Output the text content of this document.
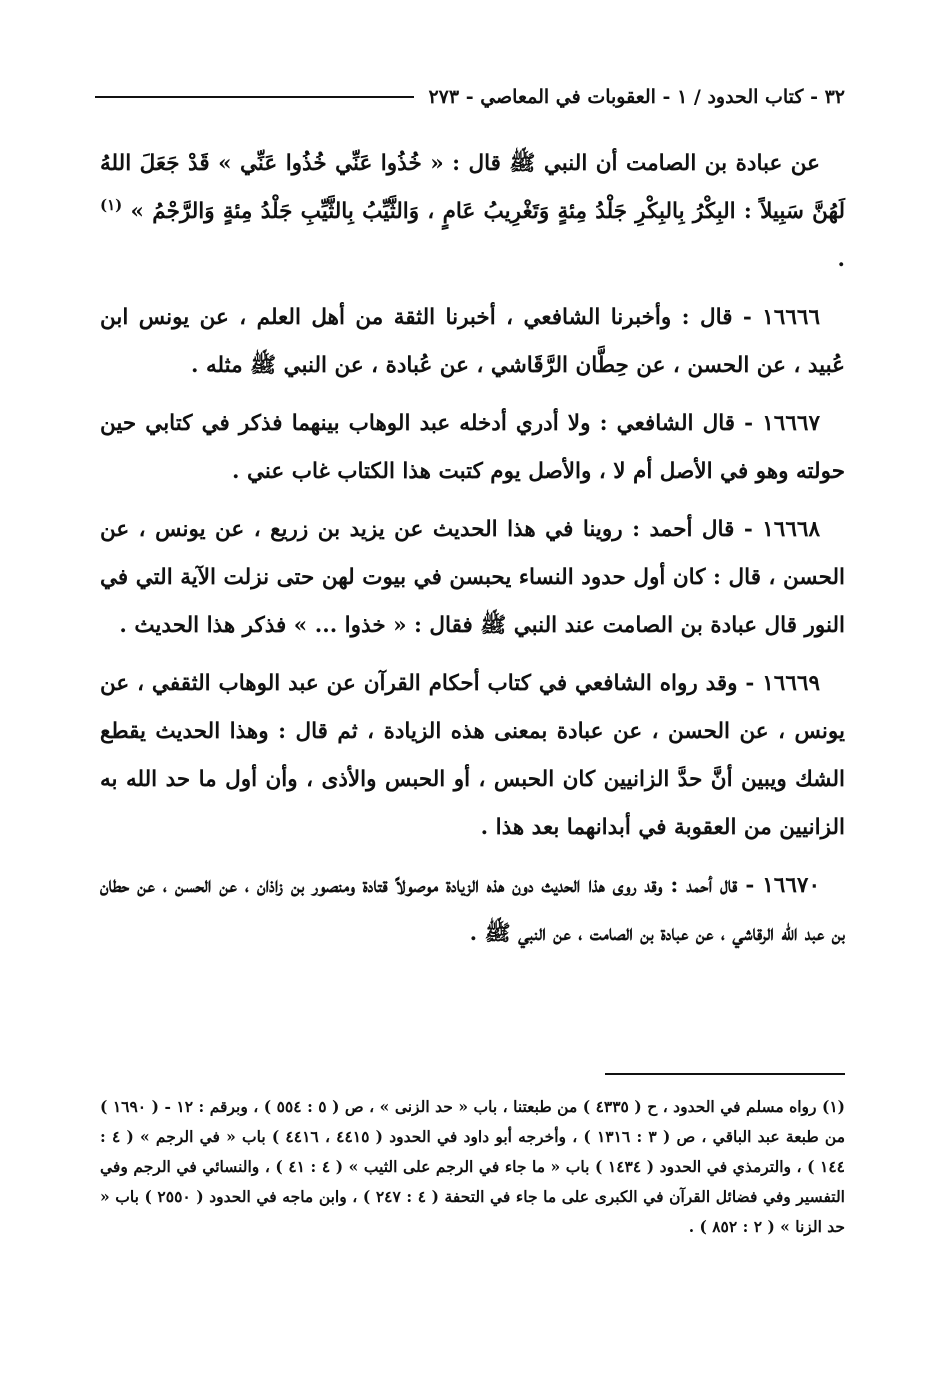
٣٢ - كتاب الحدود / ١ - العقوبات في المعاصي - ٢٧٣

عن عبادة بن الصامت أن النبي ﷺ قال : « خُذُوا عَنِّي خُذُوا عَنِّي » قَدْ جَعَلَ اللهُ لَهُنَّ سَبِيلاً : البِكْرُ بِالبِكْرِ جَلْدُ مِئةٍ وَتَغْرِيبُ عَامٍ ، وَالثَّيِّبُ بِالثَّيِّبِ جَلْدُ مِئةٍ وَالرَّجْمُ » $^{(١)}$ .

١٦٦٦٦ - قال : وأخبرنا الشافعي ، أخبرنا الثقة من أهل العلم ، عن يونس ابن عُبيد ، عن الحسن ، عن حِطَّان الرَّقَاشي ، عن عُبادة ، عن النبي ﷺ مثله .

١٦٦٦٧ - قال الشافعي : ولا أدري أدخله عبد الوهاب بينهما فذكر في كتابي حين حولته وهو في الأصل أم لا ، والأصل يوم كتبت هذا الكتاب غاب عني .

١٦٦٦٨ - قال أحمد : روينا في هذا الحديث عن يزيد بن زريع ، عن يونس ، عن الحسن ، قال : كان أول حدود النساء يحبسن في بيوت لهن حتى نزلت الآية التي في النور قال عبادة بن الصامت عند النبي ﷺ فقال : « خذوا ... » فذكر هذا الحديث .

١٦٦٦٩ - وقد رواه الشافعي في كتاب أحكام القرآن عن عبد الوهاب الثقفي ، عن يونس ، عن الحسن ، عن عبادة بمعنى هذه الزيادة ، ثم قال : وهذا الحديث يقطع الشك ويبين أنَّ حدَّ الزانيين كان الحبس ، أو الحبس والأذى ، وأن أول ما حد الله به الزانيين من العقوبة في أبدانهما بعد هذا .

١٦٦٧٠ - قال أحمد : وقد روى هذا الحديث دون هذه الزيادة موصولاً قتادة ومنصور بن زاذان ، عن الحسن ، عن حطان بن عبد الله الرقاشي ، عن عبادة بن الصامت ، عن النبي ﷺ .

(١) رواه مسلم في الحدود ، ح ( ٤٣٣٥ ) من طبعتنا ، باب « حد الزنى » ، ص ( ٥ : ٥٥٤ ) ، وبرقم : ١٢ - ( ١٦٩٠ ) من طبعة عبد الباقي ، ص ( ٣ : ١٣١٦ ) ، وأخرجه أبو داود في الحدود ( ٤٤١٥ ، ٤٤١٦ ) باب « في الرجم » ( ٤ : ١٤٤ ) ، والترمذي في الحدود ( ١٤٣٤ ) باب « ما جاء في الرجم على الثيب » ( ٤ : ٤١ ) ، والنسائي في الرجم وفي التفسير وفي فضائل القرآن في الكبرى على ما جاء في التحفة ( ٤ : ٢٤٧ ) ، وابن ماجه في الحدود ( ٢٥٥٠ ) باب « حد الزنا » ( ٢ : ٨٥٢ ) .
